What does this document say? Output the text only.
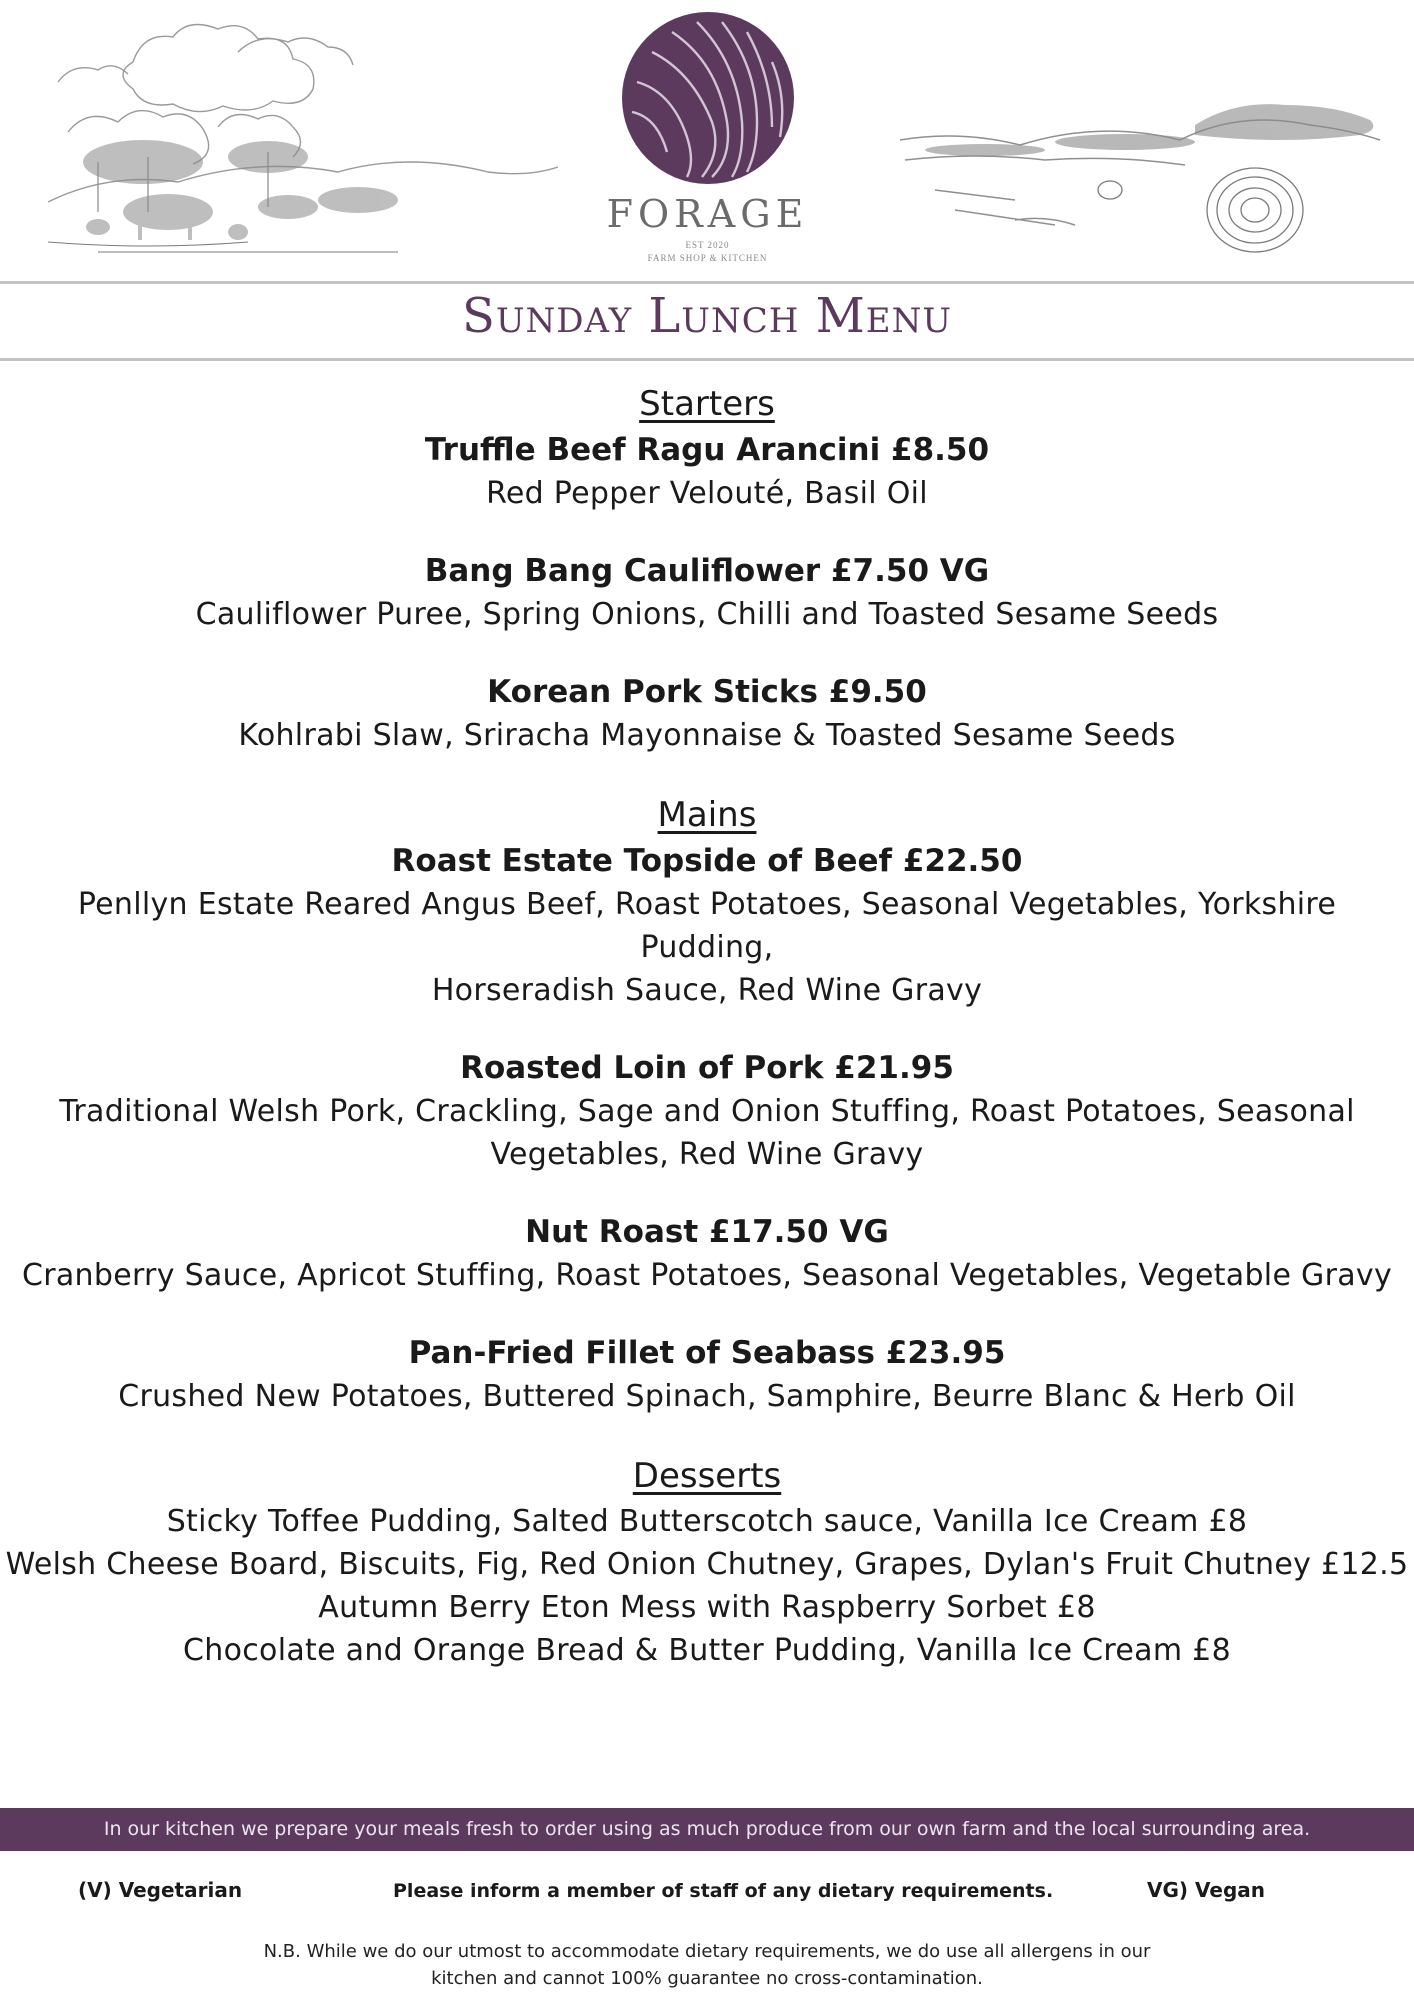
FORAGE
EST 2020
FARM SHOP & KITCHEN
Sunday Lunch Menu
Starters
Truffle Beef Ragu Arancini £8.50
Red Pepper Velouté, Basil Oil
Bang Bang Cauliflower £7.50 VG
Cauliflower Puree, Spring Onions, Chilli and Toasted Sesame Seeds
Korean Pork Sticks £9.50
Kohlrabi Slaw, Sriracha Mayonnaise & Toasted Sesame Seeds
Mains
Roast Estate Topside of Beef £22.50
Penllyn Estate Reared Angus Beef, Roast Potatoes, Seasonal Vegetables, Yorkshire Pudding,
Horseradish Sauce, Red Wine Gravy
Roasted Loin of Pork £21.95
Traditional Welsh Pork, Crackling, Sage and Onion Stuffing, Roast Potatoes, Seasonal
Vegetables, Red Wine Gravy
Nut Roast £17.50 VG
Cranberry Sauce, Apricot Stuffing, Roast Potatoes, Seasonal Vegetables, Vegetable Gravy
Pan-Fried Fillet of Seabass £23.95
Crushed New Potatoes, Buttered Spinach, Samphire, Beurre Blanc & Herb Oil
Desserts
Sticky Toffee Pudding, Salted Butterscotch sauce, Vanilla Ice Cream £8
Welsh Cheese Board, Biscuits, Fig, Red Onion Chutney, Grapes, Dylan's Fruit Chutney £12.5
Autumn Berry Eton Mess with Raspberry Sorbet £8
Chocolate and Orange Bread & Butter Pudding, Vanilla Ice Cream £8
In our kitchen we prepare your meals fresh to order using as much produce from our own farm and the local surrounding area.
(V) Vegetarian	Please inform a member of staff of any dietary requirements.	VG) Vegan
N.B. While we do our utmost to accommodate dietary requirements, we do use all allergens in our
kitchen and cannot 100% guarantee no cross-contamination.
